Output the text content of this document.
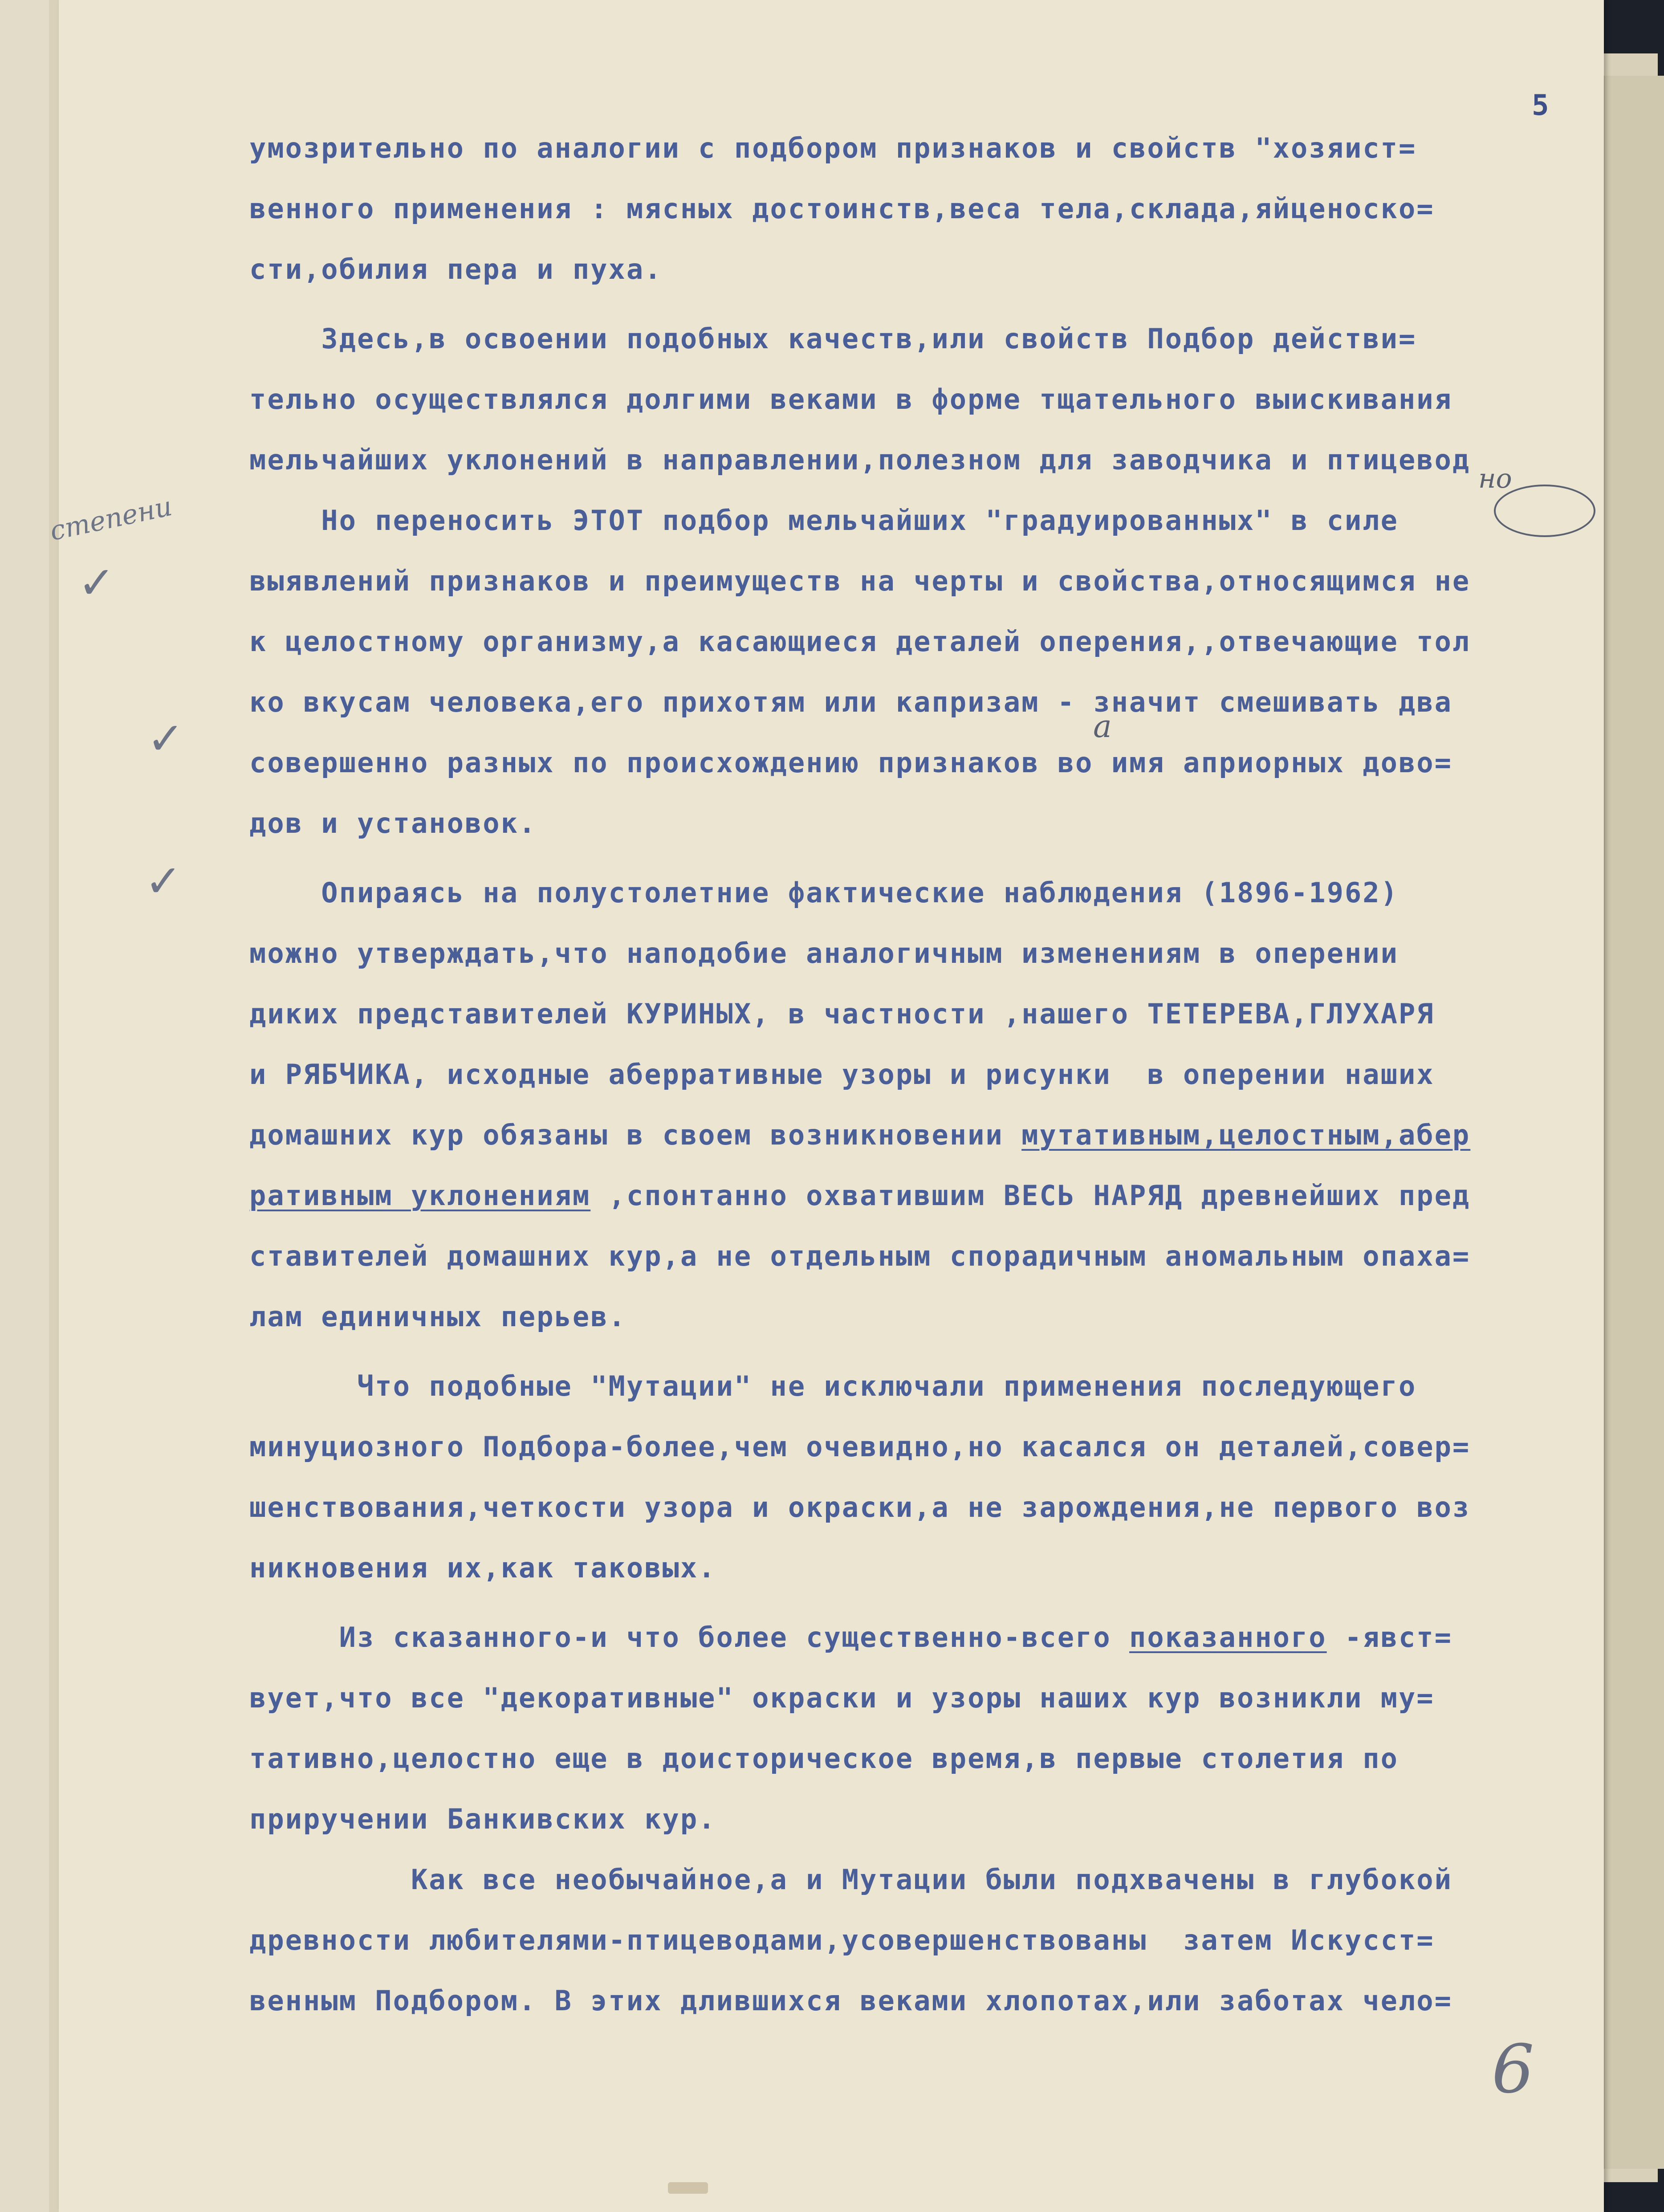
5
степени
✓
✓
✓
но
а
умозрительно по аналогии с подбором признаков и свойств "хозяист=
венного применения : мясных достоинств,веса тела,склада,яйценоско=
сти,обилия пера и пуха.
Здесь,в освоении подобных качеств,или свойств Подбор действи=
тельно осуществлялся долгими веками в форме тщательного выискивания
мельчайших уклонений в направлении,полезном для заводчика и птицевод
Но переносить ЭТОТ подбор мельчайших "градуированных" в силе
выявлений признаков и преимуществ на черты и свойства,относящимся не
к целостному организму,а касающиеся деталей оперения,,отвечающие тол
ко вкусам человека,его прихотям или капризам - значит смешивать два
совершенно разных по происхождению признаков во имя априорных дово=
дов и установок.
Опираясь на полустолетние фактические наблюдения (1896-1962)
можно утверждать,что наподобие аналогичным изменениям в оперении
диких представителей КУРИНЫХ, в частности ,нашего ТЕТЕРЕВА,ГЛУХАРЯ
и РЯБЧИКА, исходные аберративные узоры и рисунки  в оперении наших
домашних кур обязаны в своем возникновении мутативным,целостным,абер
ративным уклонениям ,спонтанно охватившим ВЕСЬ НАРЯД древнейших пред
ставителей домашних кур,а не отдельным спорадичным аномальным опаха=
лам единичных перьев.
Что подобные "Мутации" не исключали применения последующего
минуциозного Подбора-более,чем очевидно,но касался он деталей,совер=
шенствования,четкости узора и окраски,а не зарождения,не первого воз
никновения их,как таковых.
Из сказанного-и что более существенно-всего показанного -явст=
вует,что все "декоративные" окраски и узоры наших кур возникли му=
тативно,целостно еще в доисторическое время,в первые столетия по
приручении Банкивских кур.
Как все необычайное,а и Мутации были подхвачены в глубокой
древности любителями-птицеводами,усовершенствованы  затем Искусст=
венным Подбором. В этих длившихся веками хлопотах,или заботах чело=
6
